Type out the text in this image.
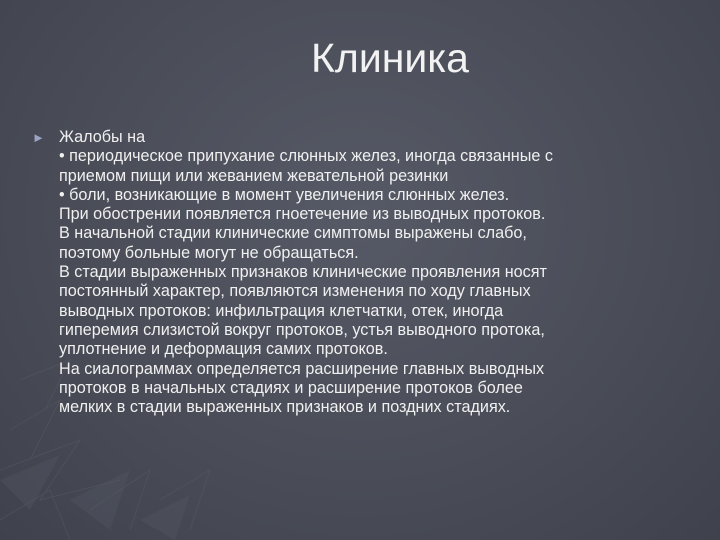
Клиника
► Жалобы на
• периодическое припухание слюнных желез, иногда связанные с
приемом пищи или жеванием жевательной резинки
• боли, возникающие в момент увеличения слюнных желез.
При обострении появляется гноетечение из выводных протоков.
В начальной стадии клинические симптомы выражены слабо,
поэтому больные могут не обращаться.
В стадии выраженных признаков клинические проявления носят
постоянный характер, появляются изменения по ходу главных
выводных протоков: инфильтрация клетчатки, отек, иногда
гиперемия слизистой вокруг протоков, устья выводного протока,
уплотнение и деформация самих протоков.
На сиалограммах определяется расширение главных выводных
протоков в начальных стадиях и расширение протоков более
мелких в стадии выраженных признаков и поздних стадиях.
